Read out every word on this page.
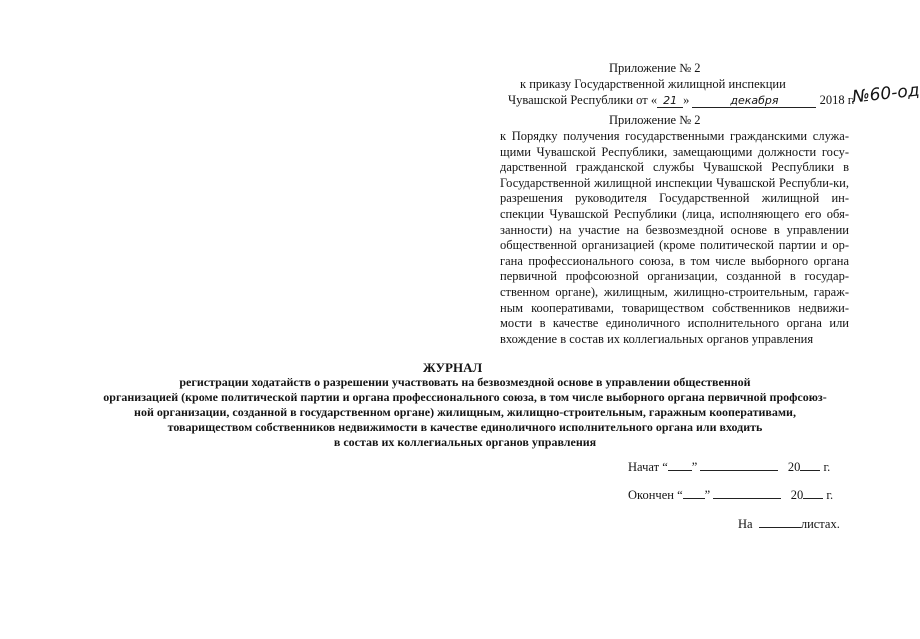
Приложение № 2
к приказу Государственной жилищной инспекции
Чувашской Республики от « 21 »	декабря	2018 г.
№60-од
Приложение № 2
к Порядку получения государственными гражданскими служа-щими Чувашской Республики, замещающими должности госу-дарственной гражданской службы Чувашской Республики в Государственной жилищной инспекции Чувашской Республи-ки, разрешения руководителя Государственной жилищной ин-спекции Чувашской Республики (лица, исполняющего его обя-занности) на участие на безвозмездной основе в управлении общественной организацией (кроме политической партии и ор-гана профессионального союза, в том числе выборного органа первичной профсоюзной организации, созданной в государ-ственном органе), жилищным, жилищно-строительным, гараж-ным кооперативами, товариществом собственников недвижи-мости в качестве единоличного исполнительного органа или вхождение в состав их коллегиальных органов управления
ЖУРНАЛ
регистрации ходатайств о разрешении участвовать на безвозмездной основе в управлении общественной
организацией (кроме политической партии и органа профессионального союза, в том числе выборного органа первичной профсоюз-
ной организации, созданной в государственном органе) жилищным, жилищно-строительным, гаражным кооперативами,
товариществом собственников недвижимости в качестве единоличного исполнительного органа или входить
в состав их коллегиальных органов управления
Начат “ ”	20 г.
Окончен “ ”	20 г.
На	листах.
